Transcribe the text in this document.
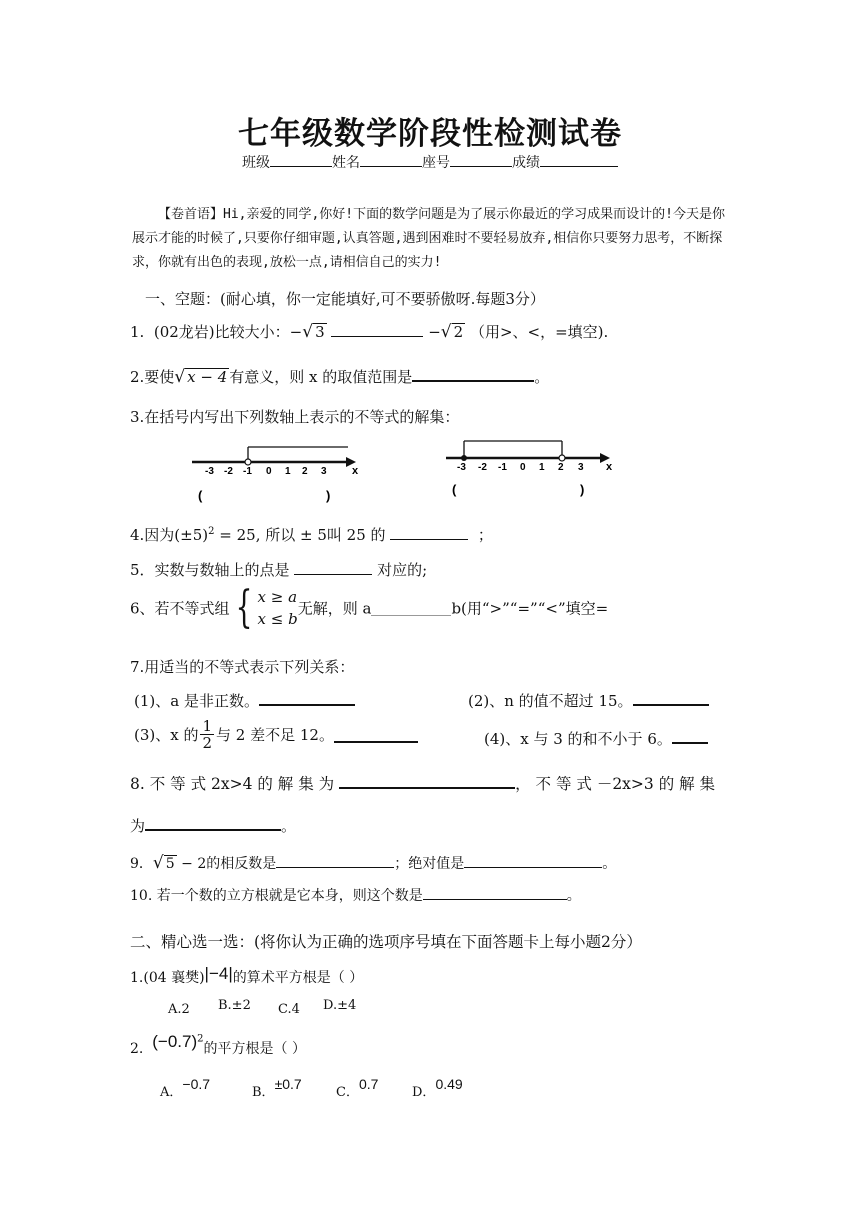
七年级数学阶段性检测试卷
班级	姓名	座号	成绩
【卷首语】Hi,亲爱的同学,你好!下面的数学问题是为了展示你最近的学习成果而设计的!今天是你展示才能的时候了,只要你仔细审题,认真答题,遇到困难时不要轻易放弃,相信你只要努力思考，不断探求，你就有出色的表现,放松一点,请相信自己的实力!
一、空题：(耐心填，你一定能填好,可不要骄傲呀.每题3分）
1. (02龙岩)比较大小：−√ 3	−√ 2 （用>、<，=填空).
2.要使√ x − 4 有意义，则 x 的取值范围是	。
3.在括号内写出下列数轴上表示的不等式的解集：
-3 -2 -1 0 1 2 3 x
(	)
-3 -2 -1 0 1 2 3 x
(	)
4.因为$(\pm 5)^2 = 25$, 所以 ± 5叫 25 的	；
5．实数与数轴上的点是	对应的;
6、若不等式组 { x ≥ a
x ≤ b
无解，则 a	b(用“>”“=”“<”填空=
7.用适当的不等式表示下列关系：
(1)、a 是非正数。	(2)、n 的值不超过 15。
(3)、x 的 $\frac{1}{2}$ 与 2 差不足 12。	(4)、x 与 3 的和不小于 6。
8. 不 等 式 2x>4 的 解 集 为	， 不 等 式 －2x>3 的 解 集
为	。
9．√ 5 − 2的相反数是	；绝对值是	。
10. 若一个数的立方根就是它本身，则这个数是	。
二、精心选一选：(将你认为正确的选项序号填在下面答题卡上每小题2分）
1.(04 襄樊)|−4|的算术平方根是（ ）
A.2 B.±2 C.4 D.±4
2. $(-0.7)^2$的平方根是（ ）
A．−0.7
B．±0.7
C．0.7
D．0.49
